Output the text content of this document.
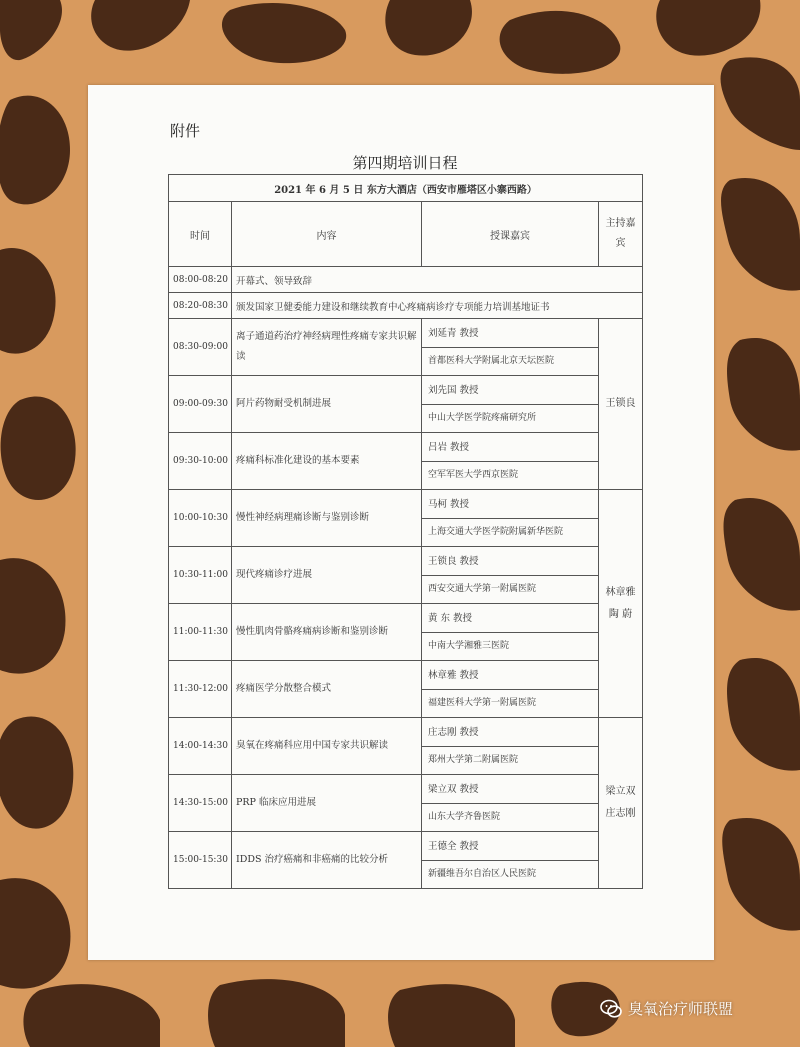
附件
第四期培训日程
2021 年 6 月 5 日 东方大酒店（西安市雁塔区小寨西路）			
时间	内容	授课嘉宾	主持嘉宾
08:00-08:20	开幕式、领导致辞		
08:20-08:30	颁发国家卫健委能力建设和继续教育中心疼痛病诊疗专项能力培训基地证书		
08:30-09:00	离子通道药治疗神经病理性疼痛专家共识解读	刘延青 教授
首都医科大学附属北京天坛医院	王锁良
09:00-09:30	阿片药物耐受机制进展	刘先国 教授
中山大学医学院疼痛研究所	

09:30-10:00	疼痛科标准化建设的基本要素	吕岩 教授
空军军医大学西京医院	

10:00-10:30	慢性神经病理痛诊断与鉴别诊断	马柯 教授
上海交通大学医学院附属新华医院	林章雅 陶 蔚
10:30-11:00	现代疼痛诊疗进展	王锁良 教授
西安交通大学第一附属医院	

11:00-11:30	慢性肌肉骨骼疼痛病诊断和鉴别诊断	黄 东 教授
中南大学湘雅三医院	

11:30-12:00	疼痛医学分散整合模式	林章雅 教授
福建医科大学第一附属医院	

14:00-14:30	臭氧在疼痛科应用中国专家共识解读	庄志刚 教授
郑州大学第二附属医院	梁立双 庄志刚
14:30-15:00	PRP 临床应用进展	梁立双 教授
山东大学齐鲁医院	

15:00-15:30	IDDS 治疗癌痛和非癌痛的比较分析	王德全 教授
新疆维吾尔自治区人民医院	
臭氧治疗师联盟
